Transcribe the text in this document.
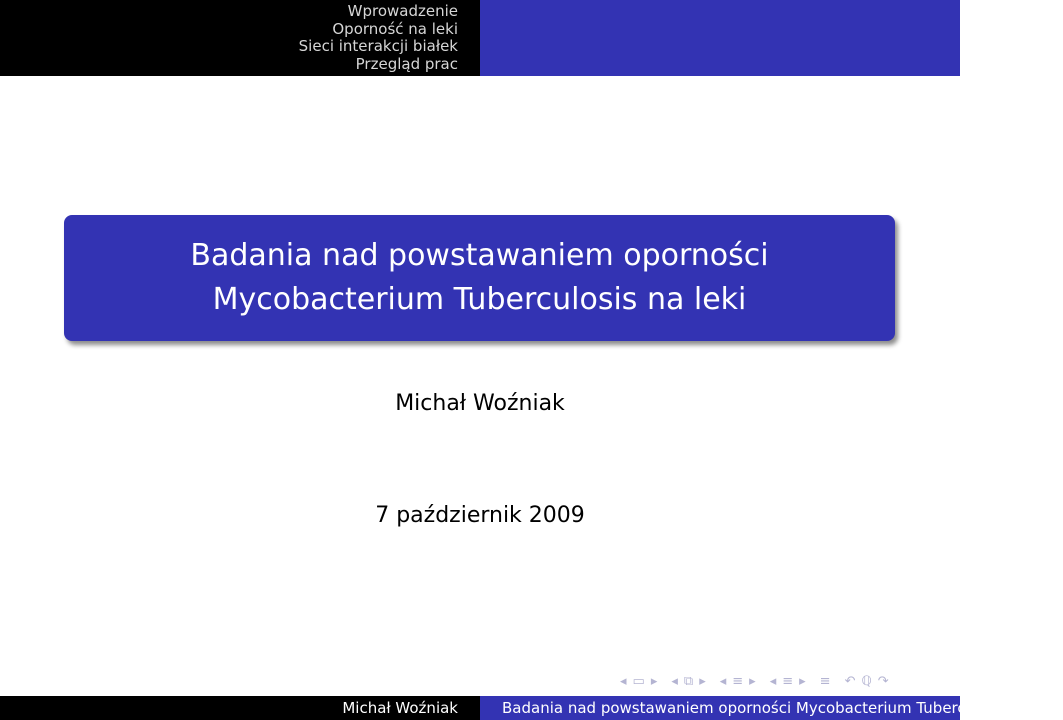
Wprowadzenie
Oporność na leki
Sieci interakcji białek
Przegląd prac
Badania nad powstawaniem oporności
Mycobacterium Tuberculosis na leki
Michał Woźniak
7 październik 2009
◂ ▭ ▸ ◂ ⧉ ▸ ◂ ≡ ▸ ◂ ≡ ▸ ≡ ↶ ℚ ↷
Michał Woźniak	Badania nad powstawaniem oporności Mycobacterium Tuberculosis na leki
